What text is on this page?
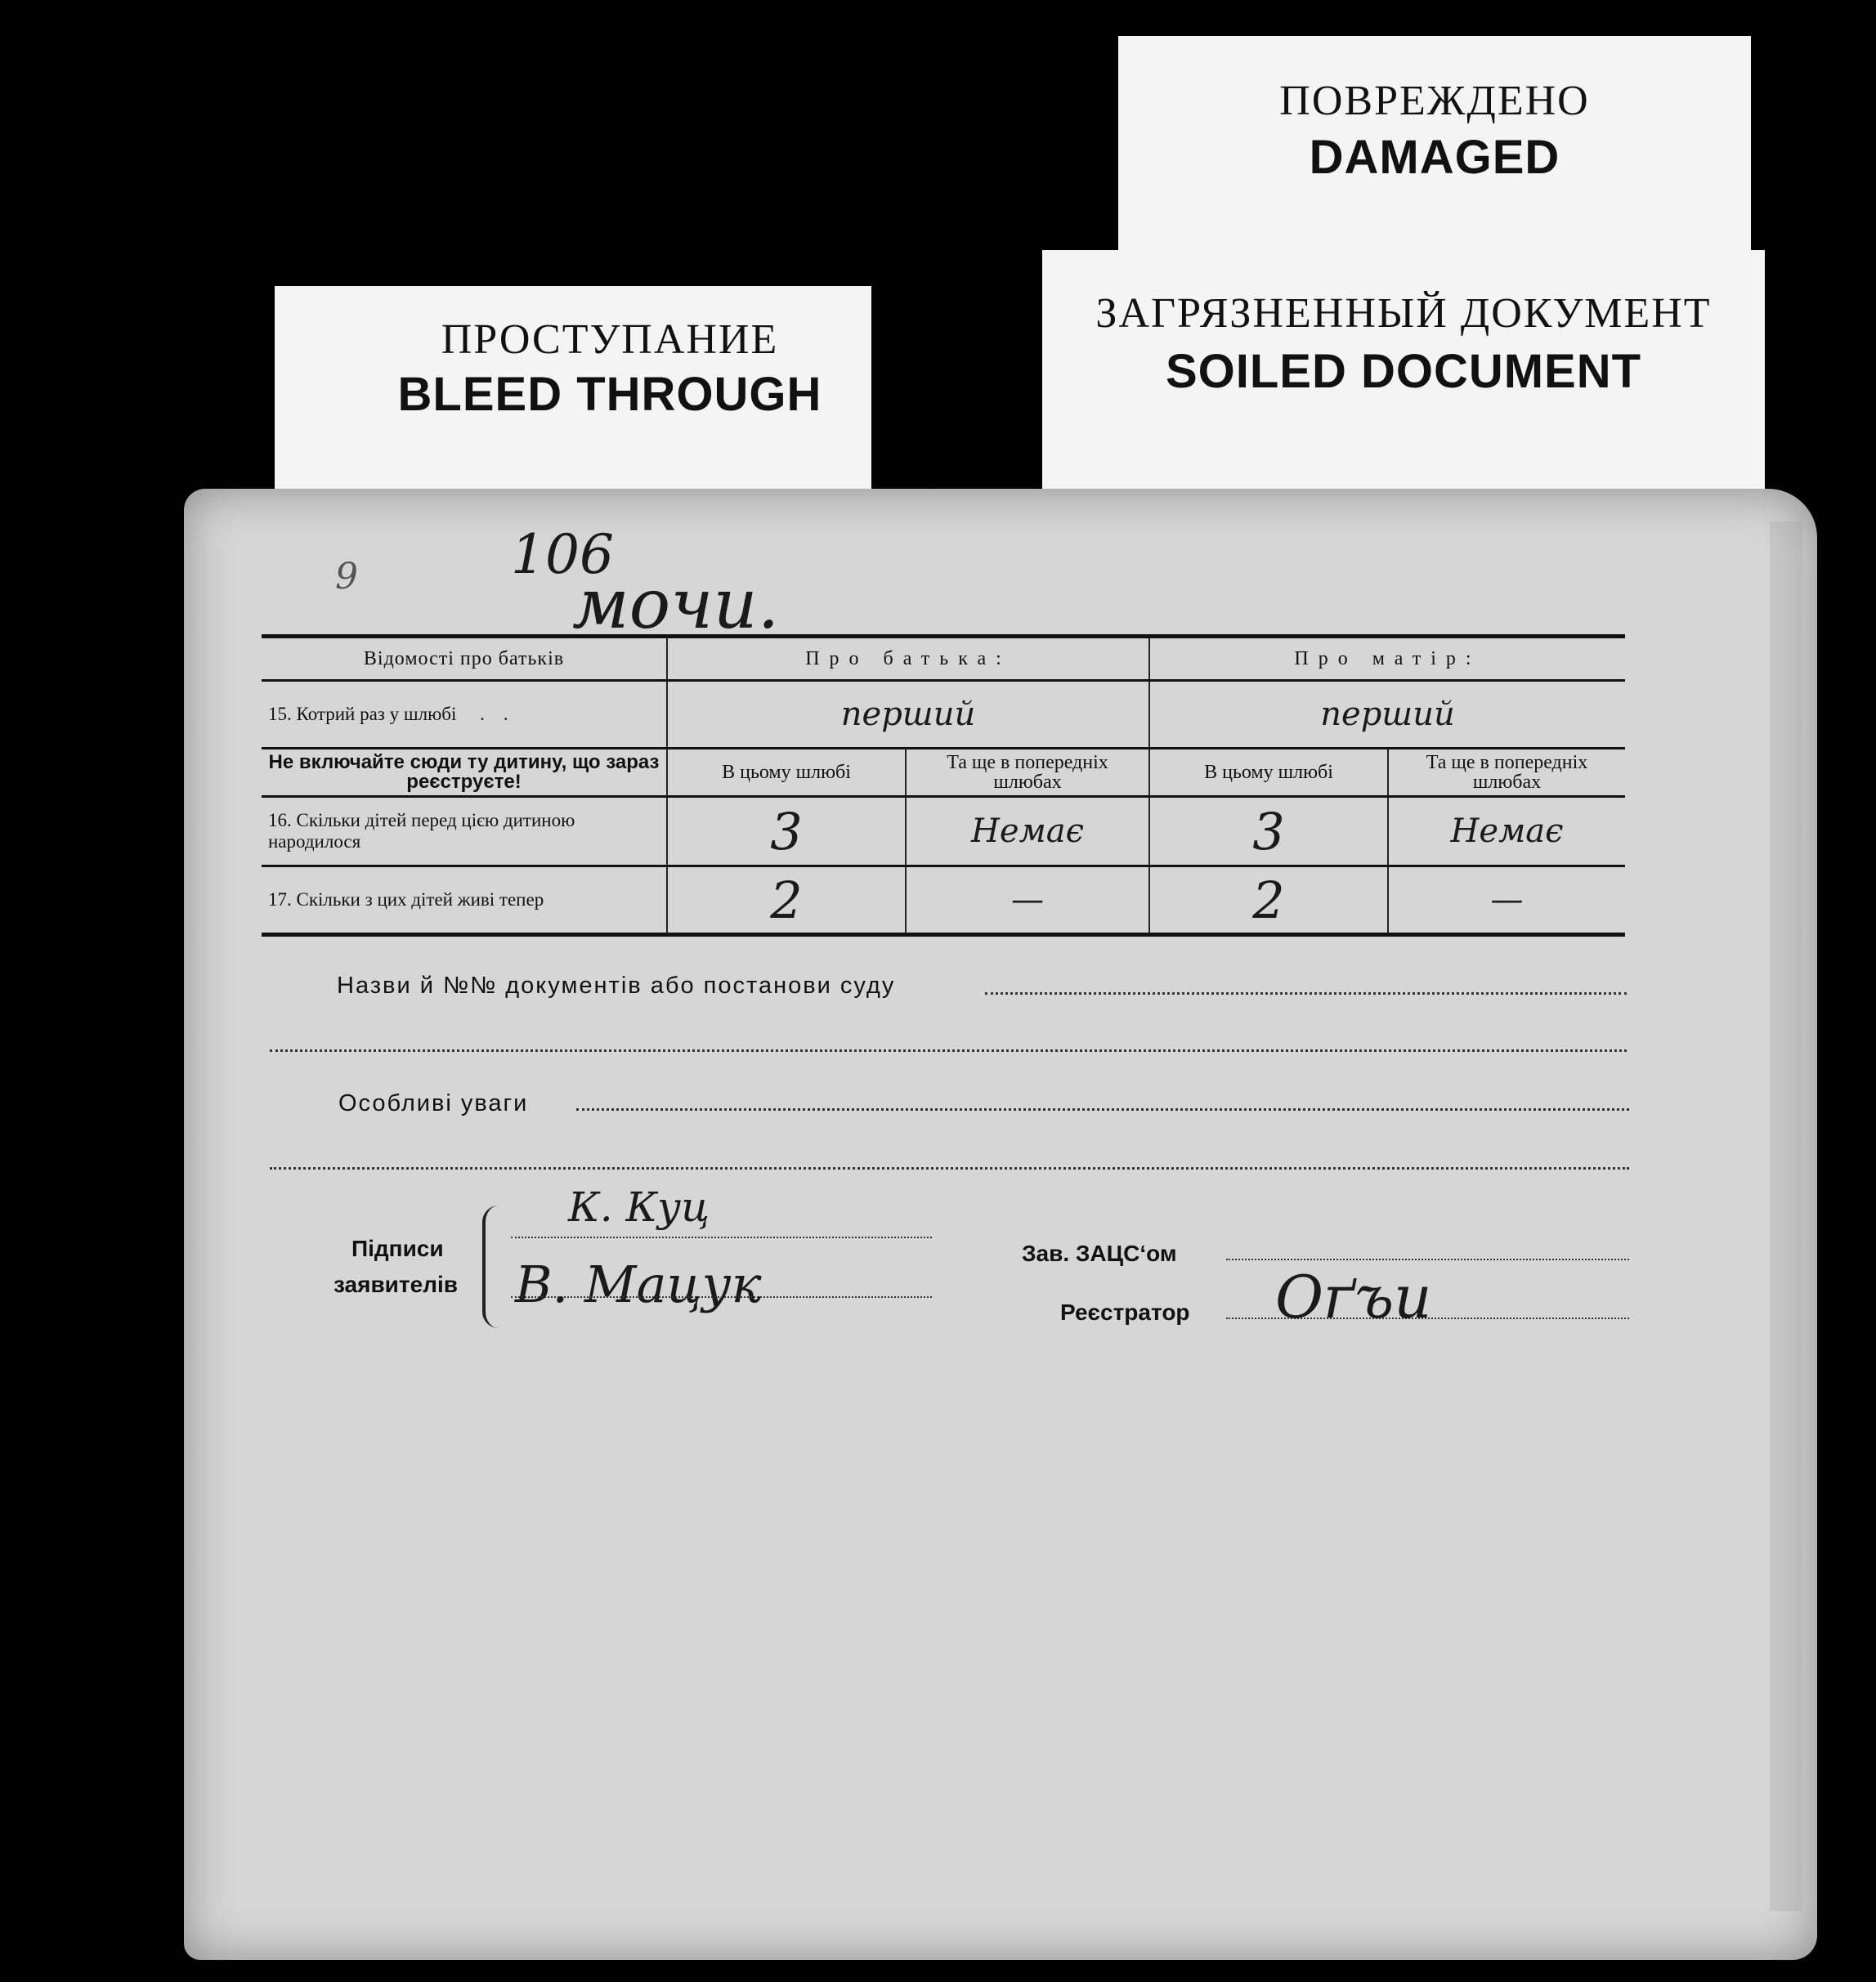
ПОВРЕЖДЕНО
DAMAGED
ЗАГРЯЗНЕННЫЙ ДОКУМЕНТ
SOILED DOCUMENT
ПРОСТУПАНИЕ
BLEED THROUGH
9	106
мочи.
Відомості про батьків	Про батька:		Про матір:	
15. Котрий раз у шлюбі     .    .	перший		перший	
Не включайте сюди ту дитину, що зараз реєструєте!	В цьому шлюбі	Та ще в попередніх шлюбах	В цьому шлюбі	Та ще в попередніх шлюбах
16. Скільки дітей перед цією дитиною народилося	3	Немає	3	Немає
17. Скільки з цих дітей живі тепер	2	—	2	—
Назви й №№ документів або постанови суду
Особливі уваги
Підписи
заявителів
К. Куц
В. Мацук
Зав. ЗАЦС‘ом
Реєстратор Оґъи
